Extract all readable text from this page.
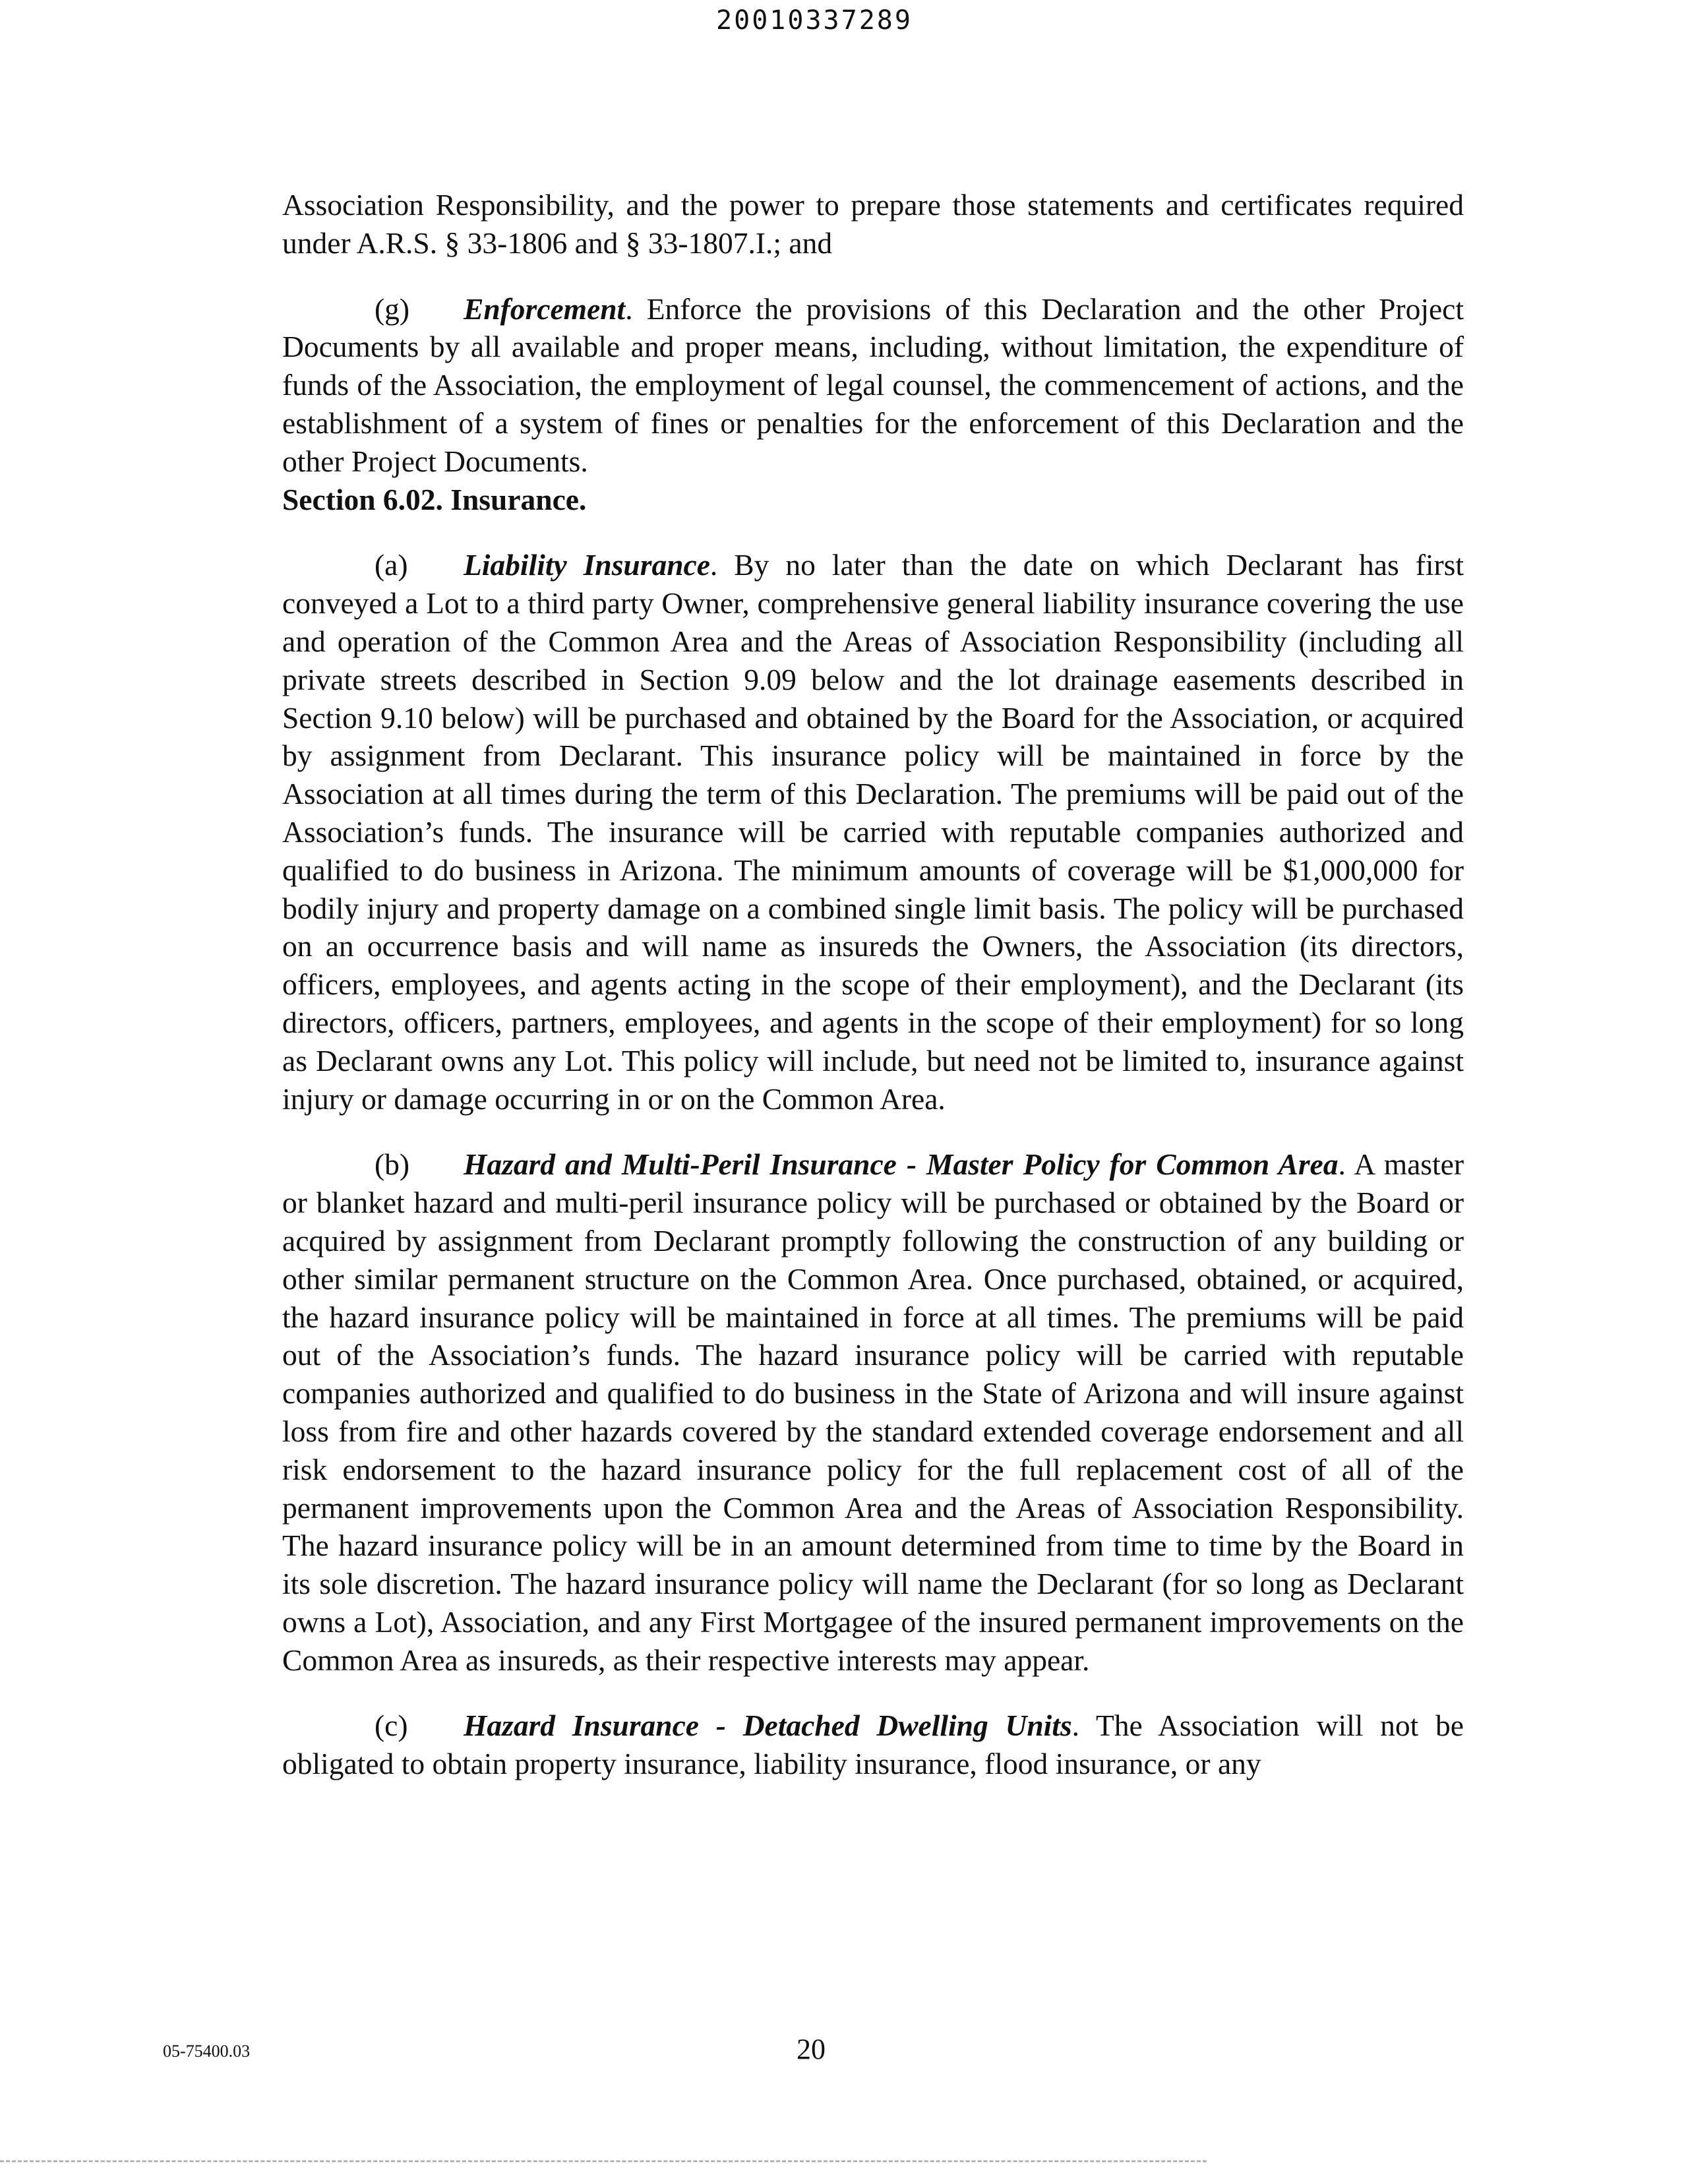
20010337289

Association Responsibility, and the power to prepare those statements and certificates required under A.R.S. § 33-1806 and § 33-1807.I.; and

(g) Enforcement. Enforce the provisions of this Declaration and the other Project Documents by all available and proper means, including, without limitation, the expenditure of funds of the Association, the employment of legal counsel, the commencement of actions, and the establishment of a system of fines or penalties for the enforcement of this Declaration and the other Project Documents.

Section 6.02. Insurance.

(a) Liability Insurance. By no later than the date on which Declarant has first conveyed a Lot to a third party Owner, comprehensive general liability insurance covering the use and operation of the Common Area and the Areas of Association Responsibility (including all private streets described in Section 9.09 below and the lot drainage easements described in Section 9.10 below) will be purchased and obtained by the Board for the Association, or acquired by assignment from Declarant. This insurance policy will be maintained in force by the Association at all times during the term of this Declaration. The premiums will be paid out of the Association’s funds. The insurance will be carried with reputable companies authorized and qualified to do business in Arizona. The minimum amounts of coverage will be $1,000,000 for bodily injury and property damage on a combined single limit basis. The policy will be purchased on an occurrence basis and will name as insureds the Owners, the Association (its directors, officers, employees, and agents acting in the scope of their employment), and the Declarant (its directors, officers, partners, employees, and agents in the scope of their employment) for so long as Declarant owns any Lot. This policy will include, but need not be limited to, insurance against injury or damage occurring in or on the Common Area.

(b) Hazard and Multi-Peril Insurance - Master Policy for Common Area. A master or blanket hazard and multi-peril insurance policy will be purchased or obtained by the Board or acquired by assignment from Declarant promptly following the construction of any building or other similar permanent structure on the Common Area. Once purchased, obtained, or acquired, the hazard insurance policy will be maintained in force at all times. The premiums will be paid out of the Association’s funds. The hazard insurance policy will be carried with reputable companies authorized and qualified to do business in the State of Arizona and will insure against loss from fire and other hazards covered by the standard extended coverage endorsement and all risk endorsement to the hazard insurance policy for the full replacement cost of all of the permanent improvements upon the Common Area and the Areas of Association Responsibility. The hazard insurance policy will be in an amount determined from time to time by the Board in its sole discretion. The hazard insurance policy will name the Declarant (for so long as Declarant owns a Lot), Association, and any First Mortgagee of the insured permanent improvements on the Common Area as insureds, as their respective interests may appear.

(c) Hazard Insurance - Detached Dwelling Units. The Association will not be obligated to obtain property insurance, liability insurance, flood insurance, or any

05-75400.03	20
